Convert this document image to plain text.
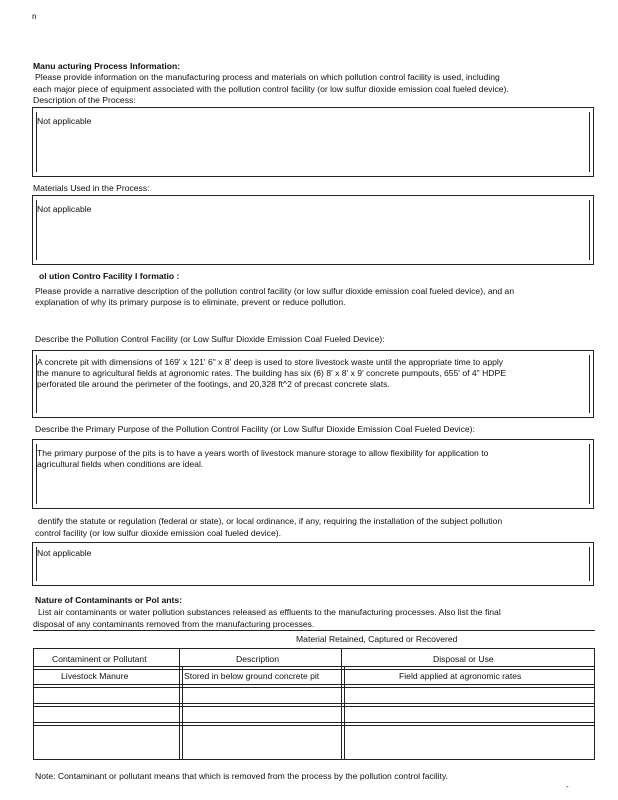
n
Manu acturing Process Information:
Please provide information on the manufacturing process and materials on which pollution control facility is used, including
each major piece of equipment associated with the pollution control facility (or low sulfur dioxide emission coal fueled device).
Description of the Process:
Not applicable
Materials Used in the Process:
Not applicable
ol ution Contro Facility I formatio :
Please provide a narrative description of the pollution control facility (or low sulfur dioxide emission coal fueled device), and an
explanation of why its primary purpose is to eliminate, prevent or reduce pollution.
Describe the Pollution Control Facility (or Low Sulfur Dioxide Emission Coal Fueled Device):
A concrete pit with dimensions of 169' x 121' 6" x 8' deep is used to store livestock waste until the appropriate time to apply
the manure to agricultural fields at agronomic rates. The building has six (6) 8' x 8' x 9' concrete pumpouts, 655' of 4" HDPE
perforated tile around the perimeter of the footings, and 20,328 ft^2 of precast concrete slats.
Describe the Primary Purpose of the Pollution Control Facility (or Low Sulfur Dioxide Emission Coal Fueled Device):
The primary purpose of the pits is to have a years worth of livestock manure storage to allow flexibility for application to
agricultural fields when conditions are ideal.
dentify the statute or regulation (federal or state), or local ordinance, if any, requiring the installation of the subject pollution
control facility (or low sulfur dioxide emission coal fueled device).
Not applicable
Nature of Contaminants or Pol ants:
List air contaminants or water pollution substances released as effluents to the manufacturing processes. Also list the final
disposal of any contaminants removed from the manufacturing processes.
Material Retained, Captured or Recovered
Contaminent or Pollutant	Description	Disposal or Use
Livestock Manure	Stored in below ground concrete pit	Field applied at agronomic rates
Note: Contaminant or pollutant means that which is removed from the process by the pollution control facility.
-
